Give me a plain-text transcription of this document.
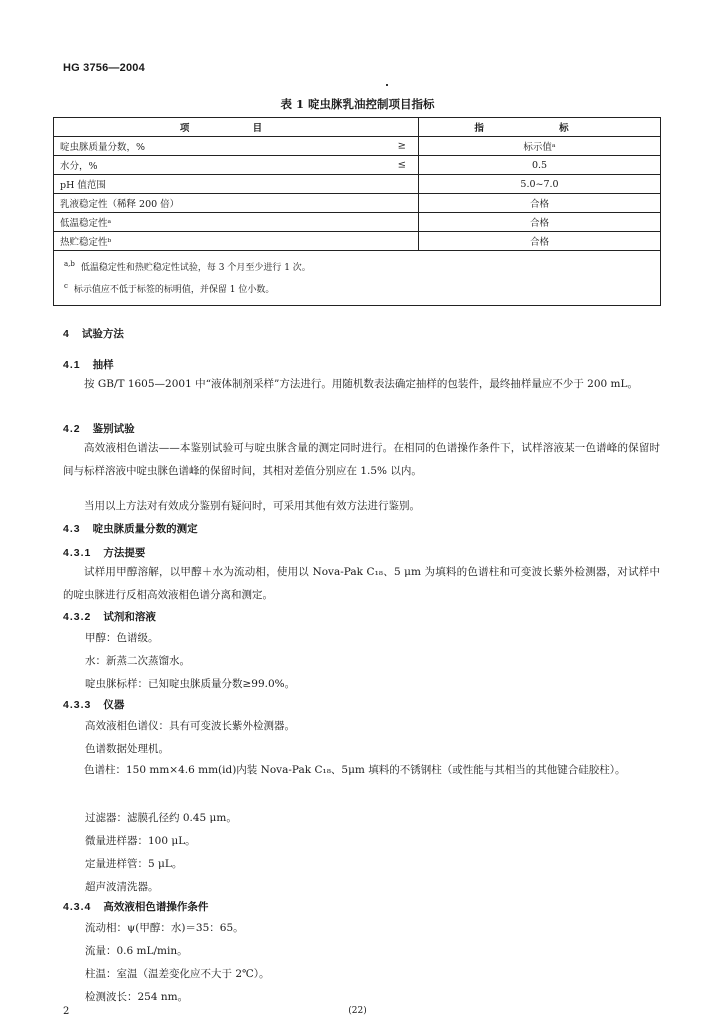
HG 3756—2004
表 1 啶虫脒乳油控制项目指标
项 目	指 标
啶虫脒质量分数，% ≥	标示值ᵃ
水分，% ≤	0.5
pH 值范围	5.0~7.0
乳液稳定性（稀释 200 倍）	合格
低温稳定性ᵃ	合格
热贮稳定性ᵇ	合格

$^{a,b}$ 低温稳定性和热贮稳定性试验，每 3 个月至少进行 1 次。
$^c$ 标示值应不低于标签的标明值，并保留 1 位小数。	
4 试验方法
4.1 抽样
按 GB/T 1605—2001 中“液体制剂采样”方法进行。用随机数表法确定抽样的包装件，最终抽样量应不少于 200 mL。
4.2 鉴别试验
高效液相色谱法——本鉴别试验可与啶虫脒含量的测定同时进行。在相同的色谱操作条件下，试样溶液某一色谱峰的保留时间与标样溶液中啶虫脒色谱峰的保留时间，其相对差值分别应在 1.5% 以内。
当用以上方法对有效成分鉴别有疑问时，可采用其他有效方法进行鉴别。
4.3 啶虫脒质量分数的测定
4.3.1 方法提要
试样用甲醇溶解，以甲醇＋水为流动相，使用以 Nova-Pak C₁₈、5 μm 为填料的色谱柱和可变波长紫外检测器，对试样中的啶虫脒进行反相高效液相色谱分离和测定。
4.3.2 试剂和溶液
甲醇：色谱级。
水：新蒸二次蒸馏水。
啶虫脒标样：已知啶虫脒质量分数≥99.0%。
4.3.3 仪器
高效液相色谱仪：具有可变波长紫外检测器。
色谱数据处理机。
色谱柱：150 mm×4.6 mm(id)内装 Nova-Pak C₁₈、5μm 填料的不锈钢柱（或性能与其相当的其他键合硅胶柱）。
过滤器：滤膜孔径约 0.45 μm。
微量进样器：100 μL。
定量进样管：5 μL。
超声波清洗器。
4.3.4 高效液相色谱操作条件
流动相：ψ(甲醇：水)＝35：65。
流量：0.6 mL/min。
柱温：室温（温差变化应不大于 2℃）。
检测波长：254 nm。
2	(22)
